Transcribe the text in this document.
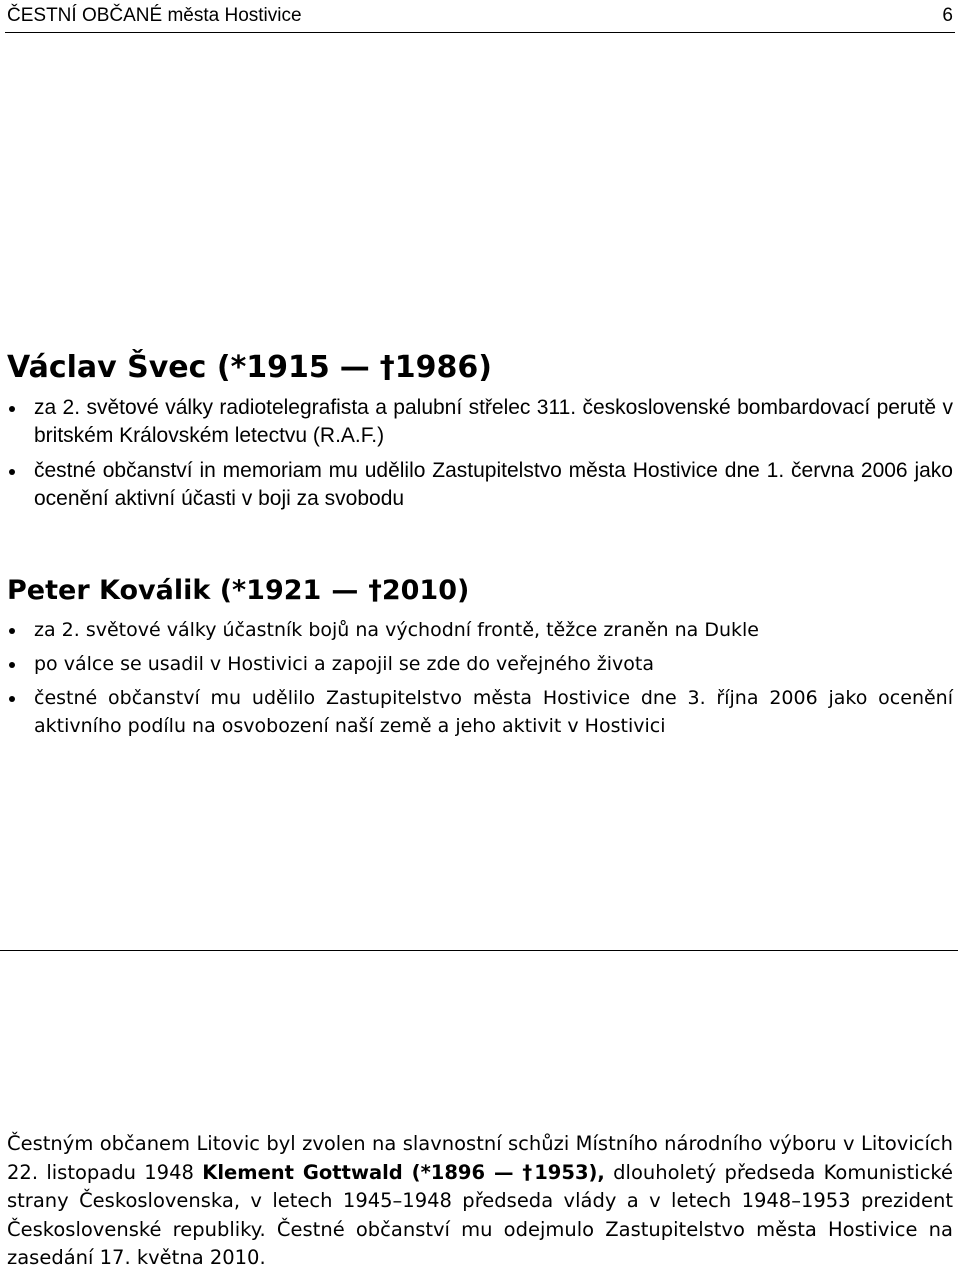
ČESTNÍ OBČANÉ města Hostivice	6
Václav Švec (*1915 — †1986)
za 2. světové války radiotelegrafista a palubní střelec 311. československé bombardovací perutě v britském Královském letectvu (R.A.F.)
čestné občanství in memoriam mu udělilo Zastupitelstvo města Hostivice dne 1. června 2006 jako ocenění aktivní účasti v boji za svobodu
Peter Koválik (*1921 — †2010)
za 2. světové války účastník bojů na východní frontě, těžce zraněn na Dukle
po válce se usadil v Hostivici a zapojil se zde do veřejného života
čestné občanství mu udělilo Zastupitelstvo města Hostivice dne 3. října 2006 jako ocenění aktivního podílu na osvobození naší země a jeho aktivit v Hostivici

Čestným občanem Litovic byl zvolen na slavnostní schůzi Místního národního výboru v Litovicích 22. listopadu 1948 Klement Gottwald (*1896 — †1953), dlouholetý předseda Komunistické strany Československa, v letech 1945–1948 předseda vlády a v letech 1948–1953 prezident Československé republiky. Čestné občanství mu odejmulo Zastupitelstvo města Hostivice na zasedání 17. května 2010.
